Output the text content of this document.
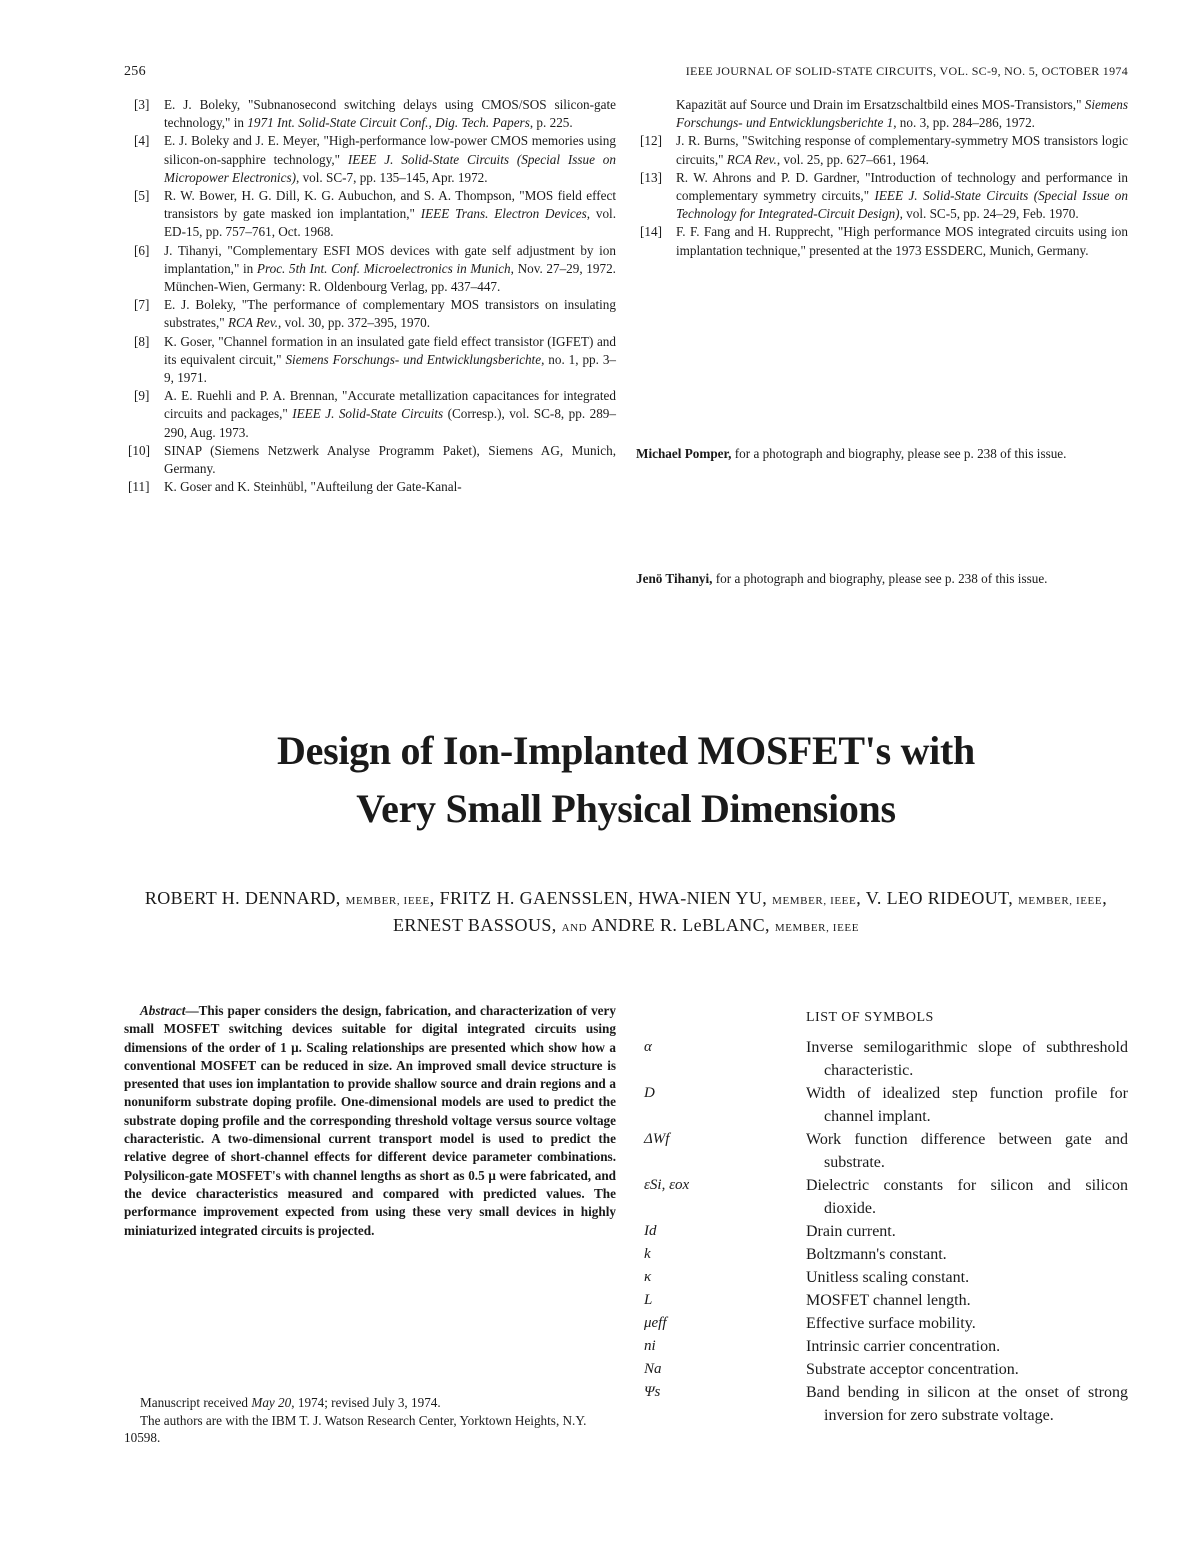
256	IEEE JOURNAL OF SOLID-STATE CIRCUITS, VOL. SC-9, NO. 5, OCTOBER 1974

[3] E. J. Boleky, "Subnanosecond switching delays using CMOS/SOS silicon-gate technology," in 1971 Int. Solid-State Circuit Conf., Dig. Tech. Papers, p. 225.

[4] E. J. Boleky and J. E. Meyer, "High-performance low-power CMOS memories using silicon-on-sapphire technology," IEEE J. Solid-State Circuits (Special Issue on Micropower Electronics), vol. SC-7, pp. 135–145, Apr. 1972.

[5] R. W. Bower, H. G. Dill, K. G. Aubuchon, and S. A. Thompson, "MOS field effect transistors by gate masked ion implantation," IEEE Trans. Electron Devices, vol. ED-15, pp. 757–761, Oct. 1968.

[6] J. Tihanyi, "Complementary ESFI MOS devices with gate self adjustment by ion implantation," in Proc. 5th Int. Conf. Microelectronics in Munich, Nov. 27–29, 1972. München-Wien, Germany: R. Oldenbourg Verlag, pp. 437–447.

[7] E. J. Boleky, "The performance of complementary MOS transistors on insulating substrates," RCA Rev., vol. 30, pp. 372–395, 1970.

[8] K. Goser, "Channel formation in an insulated gate field effect transistor (IGFET) and its equivalent circuit," Siemens Forschungs- und Entwicklungsberichte, no. 1, pp. 3–9, 1971.

[9] A. E. Ruehli and P. A. Brennan, "Accurate metallization capacitances for integrated circuits and packages," IEEE J. Solid-State Circuits (Corresp.), vol. SC-8, pp. 289–290, Aug. 1973.

[10] SINAP (Siemens Netzwerk Analyse Programm Paket), Siemens AG, Munich, Germany.

[11] K. Goser and K. Steinhübl, "Aufteilung der Gate-Kanal-

Kapazität auf Source und Drain im Ersatzschaltbild eines MOS-Transistors," Siemens Forschungs- und Entwicklungsberichte 1, no. 3, pp. 284–286, 1972.

[12] J. R. Burns, "Switching response of complementary-symmetry MOS transistors logic circuits," RCA Rev., vol. 25, pp. 627–661, 1964.

[13] R. W. Ahrons and P. D. Gardner, "Introduction of technology and performance in complementary symmetry circuits," IEEE J. Solid-State Circuits (Special Issue on Technology for Integrated-Circuit Design), vol. SC-5, pp. 24–29, Feb. 1970.

[14] F. F. Fang and H. Rupprecht, "High performance MOS integrated circuits using ion implantation technique," presented at the 1973 ESSDERC, Munich, Germany.

Michael Pomper, for a photograph and biography, please see p. 238 of this issue.

Jenö Tihanyi, for a photograph and biography, please see p. 238 of this issue.

Design of Ion-Implanted MOSFET's with
Very Small Physical Dimensions

ROBERT H. DENNARD, MEMBER, IEEE, FRITZ H. GAENSSLEN, HWA-NIEN YU, MEMBER, IEEE, V. LEO RIDEOUT, MEMBER, IEEE, ERNEST BASSOUS, AND ANDRE R. LeBLANC, MEMBER, IEEE

Abstract—This paper considers the design, fabrication, and characterization of very small MOSFET switching devices suitable for digital integrated circuits using dimensions of the order of 1 μ. Scaling relationships are presented which show how a conventional MOSFET can be reduced in size. An improved small device structure is presented that uses ion implantation to provide shallow source and drain regions and a nonuniform substrate doping profile. One-dimensional models are used to predict the substrate doping profile and the corresponding threshold voltage versus source voltage characteristic. A two-dimensional current transport model is used to predict the relative degree of short-channel effects for different device parameter combinations. Polysilicon-gate MOSFET's with channel lengths as short as 0.5 μ were fabricated, and the device characteristics measured and compared with predicted values. The performance improvement expected from using these very small devices in highly miniaturized integrated circuits is projected.

Manuscript received May 20, 1974; revised July 3, 1974.

The authors are with the IBM T. J. Watson Research Center, Yorktown Heights, N.Y. 10598.

LIST OF SYMBOLS
α	Inverse semilogarithmic slope of subthreshold characteristic.
D	Width of idealized step function profile for channel implant.
ΔWf	Work function difference between gate and substrate.
εSi, εox	Dielectric constants for silicon and silicon dioxide.
Id	Drain current.
k	Boltzmann's constant.
κ	Unitless scaling constant.
L	MOSFET channel length.
μeff	Effective surface mobility.
ni	Intrinsic carrier concentration.
Na	Substrate acceptor concentration.
Ψs	Band bending in silicon at the onset of strong inversion for zero substrate voltage.
